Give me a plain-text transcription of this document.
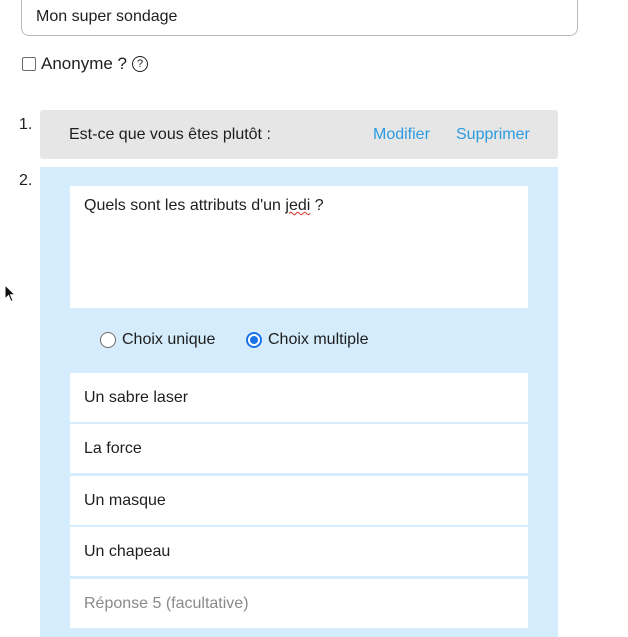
Mon super sondage
Anonyme ? ?
1.
Est-ce que vous êtes plutôt :	Modifier Supprimer
2.
Quels sont les attributs d'un jedi ?
Choix unique	Choix multiple
Un sabre laser
La force
Un masque
Un chapeau
Réponse 5 (facultative)
